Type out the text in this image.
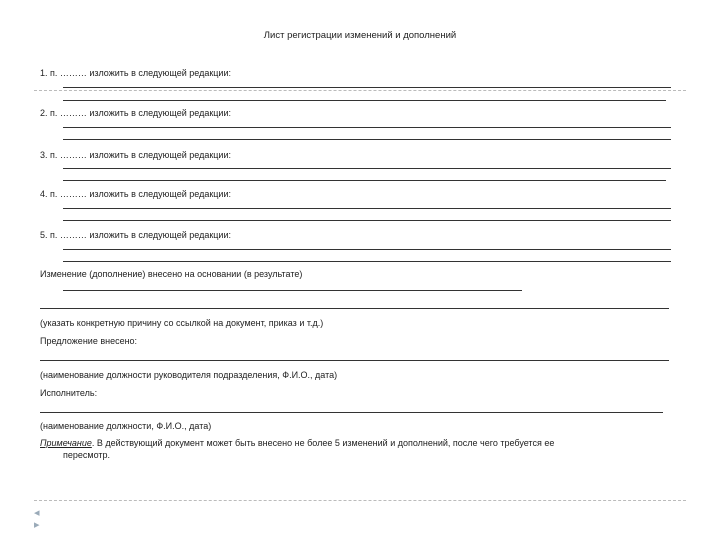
Лист регистрации изменений и дополнений
1. п. ……… изложить в следующей редакции:
2. п. ……… изложить в следующей редакции:
3. п. ……… изложить в следующей редакции:
4. п. ……… изложить в следующей редакции:
5. п. ……… изложить в следующей редакции:
Изменение (дополнение) внесено на основании (в результате)
(указать конкретную причину со ссылкой на документ, приказ и т.д.)
Предложение внесено:
(наименование должности руководителя подразделения, Ф.И.О., дата)
Исполнитель:
(наименование должности, Ф.И.О., дата)
Примечание. В действующий документ может быть внесено не более 5 изменений и дополнений, после чего требуется ее
пересмотр.
◂
▸
